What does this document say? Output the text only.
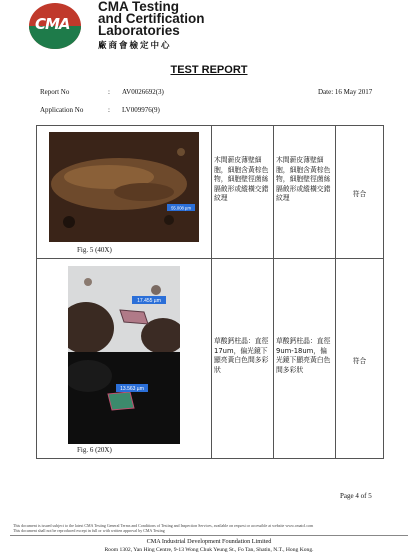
CMA
CMA Testing
and Certification
Laboratories
廠商會檢定中心
TEST REPORT
Report No	: AV0026692(3)	Date: 16 May 2017
Application No	: LV009976(9)
55.008 µm
Fig. 5 (40X)	木間薪皮薄壁細胞，細胞含黃棕色物，細胞壁徑菌絲膈斂形或縱橫交錯紋理	木間薪皮薄壁細胞，細胞含黃棕色物，細胞壁徑菌絲膈斂形或縱橫交錯紋理	符合

17.455 µm
13.563 µm
Fig. 6 (20X)	草酸鈣柱晶：直徑 17um，偏光鏡下顯亮黃白色間多彩狀	草酸鈣柱晶：直徑 9um-18um，偏光鏡下顯亮黃白色間多彩狀	符合
Page 4 of 5
This document is issued subject to the latest CMA Testing General Terms and Conditions of Testing and Inspection Services, available on request or accessible at website www.cmatcl.com
This document shall not be reproduced except in full or with written approval by CMA Testing
CMA Industrial Development Foundation Limited
Room 1302, Yan Hing Centre, 9-13 Wong Chuk Yeung St., Fo Tan, Shatin, N.T., Hong Kong.
